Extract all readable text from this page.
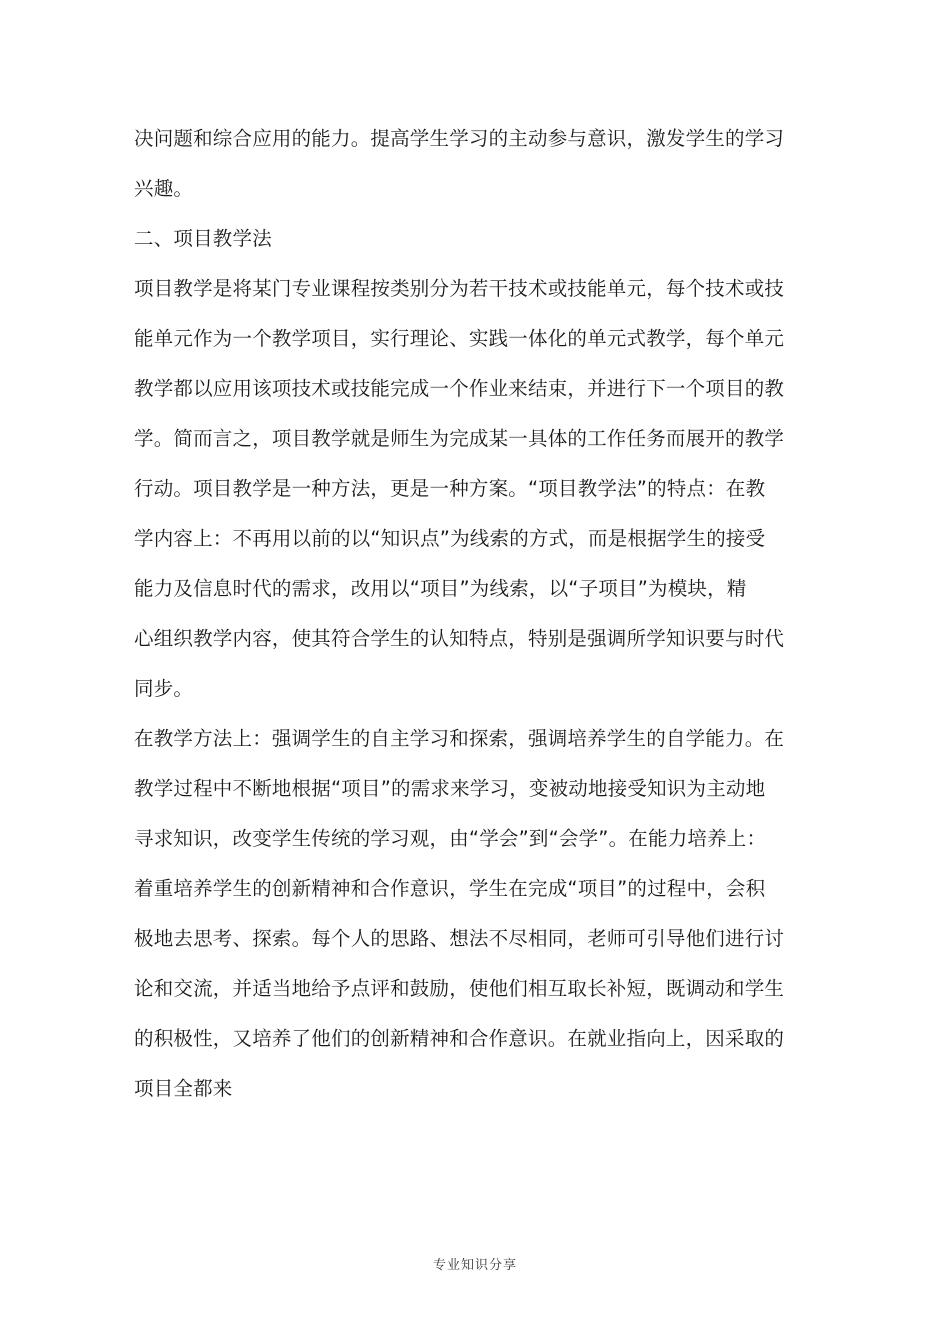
决问题和综合应用的能力。提高学生学习的主动参与意识，激发学生的学习
兴趣。
二、项目教学法
项目教学是将某门专业课程按类别分为若干技术或技能单元，每个技术或技
能单元作为一个教学项目，实行理论、实践一体化的单元式教学，每个单元
教学都以应用该项技术或技能完成一个作业来结束，并进行下一个项目的教
学。简而言之，项目教学就是师生为完成某一具体的工作任务而展开的教学
行动。项目教学是一种方法，更是一种方案。“项目教学法”的特点：在教
学内容上：不再用以前的以“知识点”为线索的方式，而是根据学生的接受
能力及信息时代的需求，改用以“项目”为线索，以“子项目”为模块，精
心组织教学内容，使其符合学生的认知特点，特别是强调所学知识要与时代
同步。
在教学方法上：强调学生的自主学习和探索，强调培养学生的自学能力。在
教学过程中不断地根据“项目”的需求来学习，变被动地接受知识为主动地
寻求知识，改变学生传统的学习观，由“学会”到“会学”。在能力培养上：
着重培养学生的创新精神和合作意识，学生在完成“项目”的过程中，会积
极地去思考、探索。每个人的思路、想法不尽相同，老师可引导他们进行讨
论和交流，并适当地给予点评和鼓励，使他们相互取长补短，既调动和学生
的积极性，又培养了他们的创新精神和合作意识。在就业指向上，因采取的
项目全都来
专业知识分享
